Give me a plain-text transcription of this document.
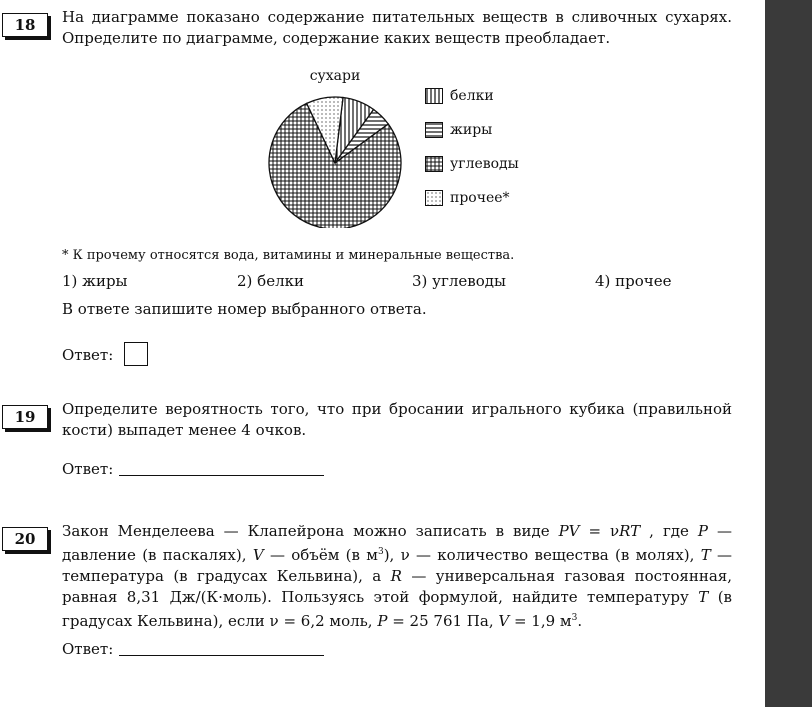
18	На диаграмме показано содержание питательных веществ в сливочных сухарях. Определите по диаграмме, содержание каких веществ преобладает.
сухари
белки
жиры
углеводы
прочее*
* К прочему относятся вода, витамины и минеральные вещества.
1) жиры	2) белки	3) углеводы	4) прочее
В ответе запишите номер выбранного ответа.
Ответ:
19	Определите вероятность того, что при бросании игрального кубика (правильной кости) выпадет менее 4 очков.
Ответ:
20	Закон Менделеева — Клапейрона можно записать в виде PV = νRT , где P — давление (в паскалях), V — объём (в $м^3$), ν — количество вещества (в молях), T — температура (в градусах Кельвина), а R — универсальная газовая постоянная, равная 8,31 Дж/(К·моль). Пользуясь этой формулой, найдите температуру T (в градусах Кельвина), если ν = 6,2 моль, P = 25 761 Па, V = 1,9 $м^3$.
Ответ:
